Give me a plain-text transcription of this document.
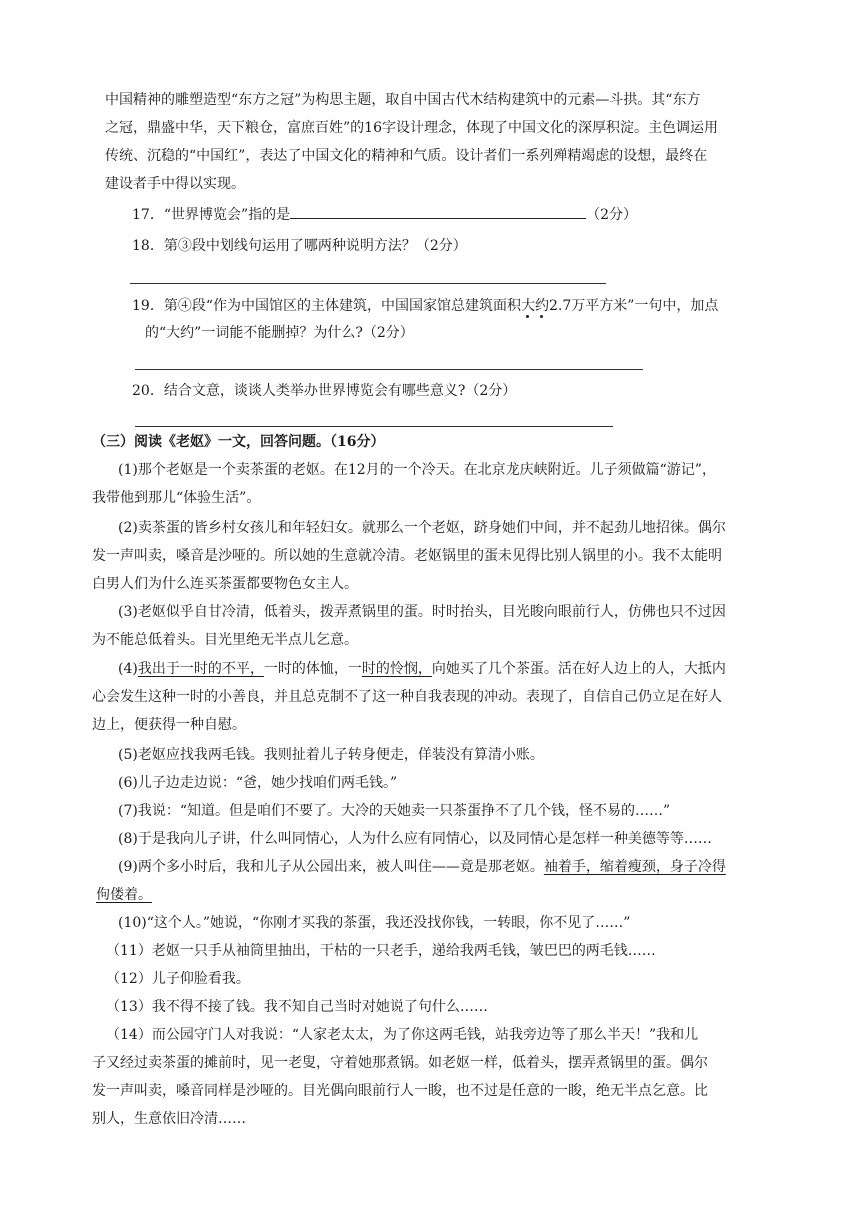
中国精神的雕塑造型“东方之冠”为构思主题，取自中国古代木结构建筑中的元素—斗拱。其“东方
之冠，鼎盛中华，天下粮仓，富庶百姓”的16字设计理念，体现了中国文化的深厚积淀。主色调运用
传统、沉稳的“中国红”，表达了中国文化的精神和气质。设计者们一系列殚精竭虑的设想，最终在
建设者手中得以实现。
17．“世界博览会”指的是	（2分）
18．第③段中划线句运用了哪两种说明方法？（2分）
19．第④段“作为中国馆区的主体建筑，中国国家馆总建筑面积大约2.7万平方米”一句中，加点
的“大约”一词能不能删掉？为什么?（2分）
20．结合文意，谈谈人类举办世界博览会有哪些意义?（2分）
（三）阅读《老妪》一文，回答问题。（16分）
(1)那个老妪是一个卖茶蛋的老妪。在12月的一个冷天。在北京龙庆峡附近。儿子须做篇“游记”，
我带他到那儿“体验生活”。
(2)卖茶蛋的皆乡村女孩儿和年轻妇女。就那么一个老妪，跻身她们中间，并不起劲儿地招徕。偶尔
发一声叫卖，嗓音是沙哑的。所以她的生意就冷清。老妪锅里的蛋未见得比别人锅里的小。我不太能明
白男人们为什么连买茶蛋都要物色女主人。
(3)老妪似乎自甘冷清，低着头，拨弄煮锅里的蛋。时时抬头，目光睃向眼前行人，仿佛也只不过因
为不能总低着头。目光里绝无半点儿乞意。
(4)我出于一时的不平，一时的体恤，一时的怜悯，向她买了几个茶蛋。活在好人边上的人，大抵内
心会发生这种一时的小善良，并且总克制不了这一种自我表现的冲动。表现了，自信自己仍立足在好人
边上，便获得一种自慰。
(5)老妪应找我两毛钱。我则扯着儿子转身便走，佯装没有算清小账。
(6)儿子边走边说：“爸，她少找咱们两毛钱。”
(7)我说：“知道。但是咱们不要了。大冷的天她卖一只茶蛋挣不了几个钱，怪不易的……”
(8)于是我向儿子讲，什么叫同情心，人为什么应有同情心，以及同情心是怎样一种美德等等……
(9)两个多小时后，我和儿子从公园出来，被人叫住——竟是那老妪。袖着手，缩着瘦颈，身子冷得
佝偻着。
(10)“这个人。”她说，“你刚才买我的茶蛋，我还没找你钱，一转眼，你不见了……”
（11）老妪一只手从袖筒里抽出，干枯的一只老手，递给我两毛钱，皱巴巴的两毛钱……
（12）儿子仰脸看我。
（13）我不得不接了钱。我不知自己当时对她说了句什么……
（14）而公园守门人对我说：“人家老太太，为了你这两毛钱，站我旁边等了那么半天！”我和儿
子又经过卖茶蛋的摊前时，见一老叟，守着她那煮锅。如老妪一样，低着头，摆弄煮锅里的蛋。偶尔
发一声叫卖，嗓音同样是沙哑的。目光偶向眼前行人一睃，也不过是任意的一睃，绝无半点乞意。比
别人，生意依旧冷清……
